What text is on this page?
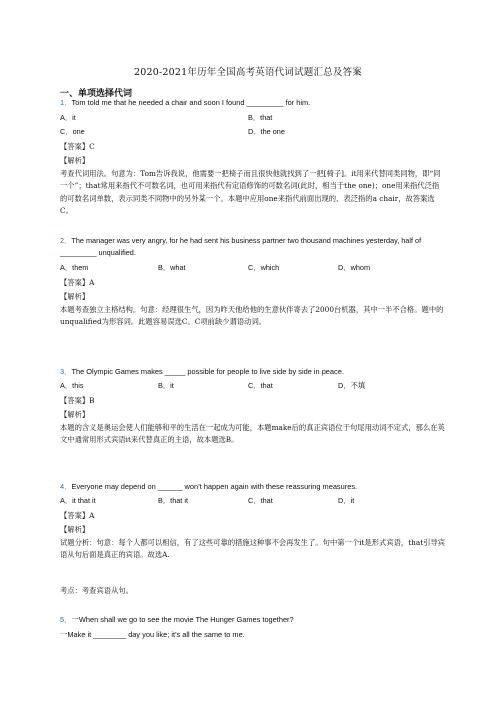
2020-2021年历年全国高考英语代词试题汇总及答案
一、单项选择代词
1．Tom told me that he needed a chair and soon I found _________ for him.
A．it	B．that
C．one	D．the one
【答案】C
【解析】
考查代词用法。句意为：Tom告诉我说，他需要一把椅子而且很快他就找到了一把[椅子]。it用来代替同类同物，即“同一个”；that常用来指代不可数名词，也可用来指代有定语修饰的可数名词(此时，相当于the one)；one用来指代泛指的可数名词单数，表示同类不同物中的另外某一个。本题中应用one来指代前面出现的、表泛指的a chair，故答案选C。
2．The manager was very angry, for he had sent his business partner two thousand machines yesterday, half of _________ unqualified.
A．them	B．what	C．which	D．whom
【答案】A
【解析】
本题考查独立主格结构。句意：经理很生气，因为昨天他给他的生意伙伴寄去了2000台机器，其中一半不合格。题中的unqualified为形容词。此题容易误选C。C项前缺少谓语动词。
3．The Olympic Games makes _____ possible for people to live side by side in peace.
A．this	B．it	C．that	D．不填
【答案】B
【解析】
本题的含义是奥运会使人们能够和平的生活在一起成为可能，本题make后的真正宾语位于句尾用动词不定式，那么在英文中通常用形式宾语it来代替真正的主语，故本题选B。
4．Everyone may depend on ______ won’t happen again with these reassuring measures.
A．it that it	B．that it	C．that	D．it
【答案】A
【解析】
试题分析：句意：每个人都可以相信，有了这些可靠的措施这种事不会再发生了。句中第一个it是形式宾语，that引导宾语从句后面是真正的宾语。故选A.
考点：考查宾语从句。
5．一When shall we go to see the movie The Hunger Games together?
一Make it ________ day you like; it’s all the same to me.
